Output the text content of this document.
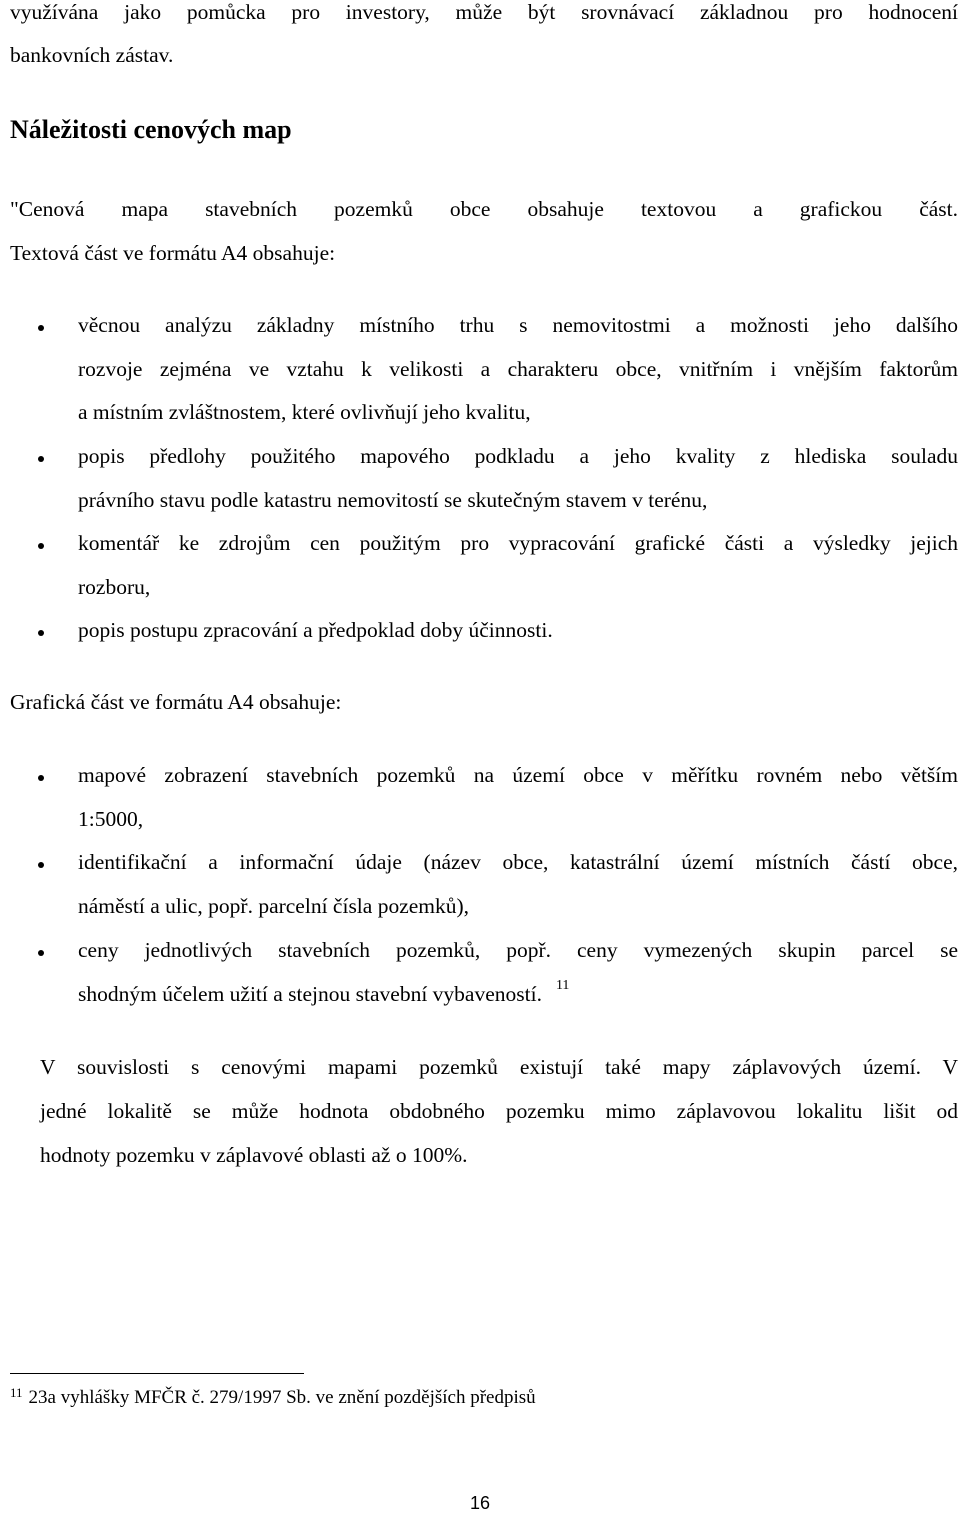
využívána jako pomůcka pro investory, může být srovnávací základnou pro hodnocení
bankovních zástav.
Náležitosti cenových map
"Cenová mapa stavebních pozemků obce obsahuje textovou a grafickou část.
Textová část ve formátu A4 obsahuje:
věcnou analýzu základny místního trhu s nemovitostmi a možnosti jeho dalšího
rozvoje zejména ve vztahu k velikosti a charakteru obce, vnitřním i vnějším faktorům
a místním zvláštnostem, které ovlivňují jeho kvalitu,
popis předlohy použitého mapového podkladu a jeho kvality z hlediska souladu
právního stavu podle katastru nemovitostí se skutečným stavem v terénu,
komentář ke zdrojům cen použitým pro vypracování grafické části a výsledky jejich
rozboru,
popis postupu zpracování a předpoklad doby účinnosti.
Grafická část ve formátu A4 obsahuje:
mapové zobrazení stavebních pozemků na území obce v měřítku rovném nebo větším
1:5000,
identifikační a informační údaje (název obce, katastrální území místních částí obce,
náměstí a ulic, popř. parcelní čísla pozemků),
ceny jednotlivých stavebních pozemků, popř. ceny vymezených skupin parcel se
shodným účelem užití a stejnou stavební vybaveností. $^{11}$
V souvislosti s cenovými mapami pozemků existují také mapy záplavových území. V
jedné lokalitě se může hodnota obdobného pozemku mimo záplavovou lokalitu lišit od
hodnoty pozemku v záplavové oblasti až o 100%.
$^{11}$ 23a vyhlášky MFČR č. 279/1997 Sb. ve znění pozdějších předpisů
16
